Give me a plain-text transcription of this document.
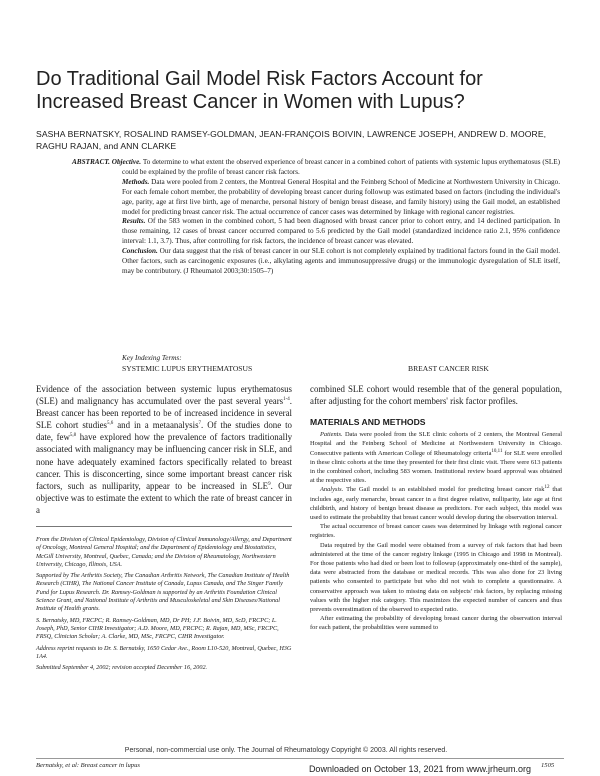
Do Traditional Gail Model Risk Factors Account for Increased Breast Cancer in Women with Lupus?
SASHA BERNATSKY, ROSALIND RAMSEY-GOLDMAN, JEAN-FRANÇOIS BOIVIN, LAWRENCE JOSEPH, ANDREW D. MOORE, RAGHU RAJAN, and ANN CLARKE

ABSTRACT. Objective. To determine to what extent the observed experience of breast cancer in a combined cohort of patients with systemic lupus erythematosus (SLE) could be explained by the profile of breast cancer risk factors.

Methods. Data were pooled from 2 centers, the Montreal General Hospital and the Feinberg School of Medicine at Northwestern University in Chicago. For each female cohort member, the probability of developing breast cancer during followup was estimated based on factors (including the individual's age, parity, age at first live birth, age of menarche, personal history of benign breast disease, and family history) using the Gail model, an established model for predicting breast cancer risk. The actual occurrence of cancer cases was determined by linkage with regional cancer registries.

Results. Of the 583 women in the combined cohort, 5 had been diagnosed with breast cancer prior to cohort entry, and 14 declined participation. In those remaining, 12 cases of breast cancer occurred compared to 5.6 predicted by the Gail model (standardized incidence ratio 2.1, 95% confidence interval: 1.1, 3.7). Thus, after controlling for risk factors, the incidence of breast cancer was elevated.

Conclusion. Our data suggest that the risk of breast cancer in our SLE cohort is not completely explained by traditional factors found in the Gail model. Other factors, such as carcinogenic exposures (i.e., alkylating agents and immunosuppressive drugs) or the immunologic dysregulation of SLE itself, may be contributory. (J Rheumatol 2003;30:1505–7)

Key Indexing Terms:
SYSTEMIC LUPUS ERYTHEMATOSUS	BREAST CANCER RISK

Evidence of the association between systemic lupus erythematosus (SLE) and malignancy has accumulated over the past several years$^{1-4}$. Breast cancer has been reported to be of increased incidence in several SLE cohort studies$^{5,6}$ and in a metaanalysis$^7$. Of the studies done to date, few$^{5,8}$ have explored how the prevalence of factors traditionally associated with malignancy may be influencing cancer risk in SLE, and none have adequately examined factors specifically related to breast cancer. This is disconcerting, since some important breast cancer risk factors, such as nulliparity, appear to be increased in SLE$^9$. Our objective was to estimate the extent to which the rate of breast cancer in a

From the Division of Clinical Epidemiology, Division of Clinical Immunology/Allergy, and Department of Oncology, Montreal General Hospital; and the Department of Epidemiology and Biostatistics, McGill University, Montreal, Quebec, Canada; and the Division of Rheumatology, Northwestern University, Chicago, Illinois, USA.

Supported by The Arthritis Society, The Canadian Arthritis Network, The Canadian Institute of Health Research (CIHR), The National Cancer Institute of Canada, Lupus Canada, and The Singer Family Fund for Lupus Research. Dr. Ramsey-Goldman is supported by an Arthritis Foundation Clinical Science Grant, and National Institute of Arthritis and Musculoskeletal and Skin Diseases/National Institute of Health grants.

S. Bernatsky, MD, FRCPC; R. Ramsey-Goldman, MD, Dr PH; J.F. Boivin, MD, ScD, FRCPC; L. Joseph, PhD, Senior CIHR Investigator; A.D. Moore, MD, FRCPC; R. Rajan, MD, MSc, FRCPC, FRSQ, Clinician Scholar; A. Clarke, MD, MSc, FRCPC, CIHR Investigator.

Address reprint requests to Dr. S. Bernatsky, 1650 Cedar Ave., Room L10-520, Montreal, Quebec, H3G 1A4.

Submitted September 4, 2002; revision accepted December 16, 2002.

combined SLE cohort would resemble that of the general population, after adjusting for the cohort members' risk factor profiles.

MATERIALS AND METHODS

Patients. Data were pooled from the SLE clinic cohorts of 2 centers, the Montreal General Hospital and the Feinberg School of Medicine at Northwestern University in Chicago. Consecutive patients with American College of Rheumatology criteria$^{10,11}$ for SLE were enrolled in these clinic cohorts at the time they presented for their first clinic visit. There were 613 patients in the combined cohort, including 583 women. Institutional review board approval was obtained at the respective sites.

Analysis. The Gail model is an established model for predicting breast cancer risk$^{12}$ that includes age, early menarche, breast cancer in a first degree relative, nulliparity, late age at first childbirth, and history of benign breast disease as predictors. For each subject, this model was used to estimate the probability that breast cancer would develop during the observation interval.

The actual occurrence of breast cancer cases was determined by linkage with regional cancer registries.

Data required by the Gail model were obtained from a survey of risk factors that had been administered at the time of the cancer registry linkage (1995 in Chicago and 1998 in Montreal). For those patients who had died or been lost to followup (approximately one-third of the sample), data were abstracted from the database or medical records. This was also done for 23 living patients who consented to participate but who did not wish to complete a questionnaire. A conservative approach was taken to missing data on subjects' risk factors, by replacing missing values with the higher risk category. This maximizes the expected number of cancers and thus prevents overestimation of the observed to expected ratio.

After estimating the probability of developing breast cancer during the observation interval for each patient, the probabilities were summed to

Personal, non-commercial use only. The Journal of Rheumatology Copyright © 2003. All rights reserved.
Bernatsky, et al: Breast cancer in lupus	1505
Downloaded on October 13, 2021 from www.jrheum.org
